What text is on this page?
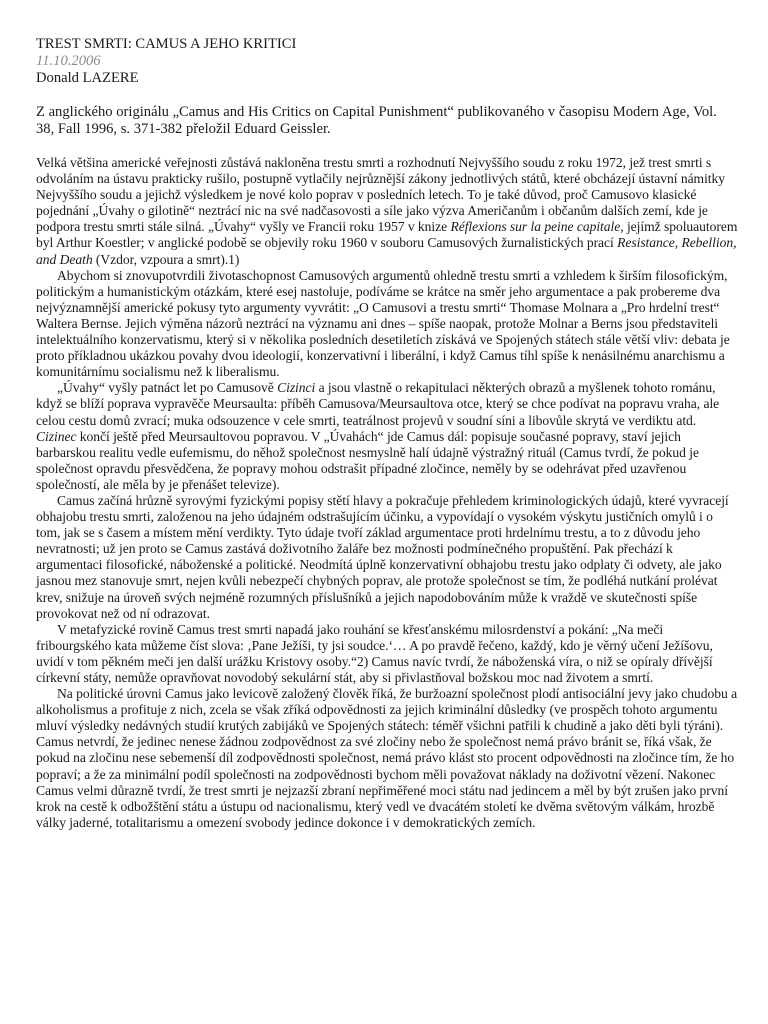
TREST SMRTI: CAMUS A JEHO KRITICI
11.10.2006
Donald LAZERE
Z anglického originálu „Camus and His Critics on Capital Punishment“ publikovaného v časopisu Modern Age, Vol. 38, Fall 1996, s. 371-382 přeložil Eduard Geissler.
Velká většina americké veřejnosti zůstává nakloněna trestu smrti a rozhodnutí Nejvyššího soudu z roku 1972, jež trest smrti s odvoláním na ústavu prakticky rušilo, postupně vytlačily nejrůznější zákony jednotlivých států, které obcházejí ústavní námitky Nejvyššího soudu a jejichž výsledkem je nové kolo poprav v posledních letech. To je také důvod, proč Camusovo klasické pojednání „Úvahy o gilotině“ neztrácí nic na své nadčasovosti a síle jako výzva Američanům i občanům dalších zemí, kde je podpora trestu smrti stále silná. „Úvahy“ vyšly ve Francii roku 1957 v knize Réflexions sur la peine capitale, jejímž spoluautorem byl Arthur Koestler; v anglické podobě se objevily roku 1960 v souboru Camusových žurnalistických prací Resistance, Rebellion, and Death (Vzdor, vzpoura a smrt).1)
Abychom si znovupotvrdili životaschopnost Camusových argumentů ohledně trestu smrti a vzhledem k širším filosofickým, politickým a humanistickým otázkám, které esej nastoluje, podíváme se krátce na směr jeho argumentace a pak probereme dva nejvýznamnější americké pokusy tyto argumenty vyvrátit: „O Camusovi a trestu smrti“ Thomase Molnara a „Pro hrdelní trest“ Waltera Bernse. Jejich výměna názorů neztrácí na významu ani dnes – spíše naopak, protože Molnar a Berns jsou představiteli intelektuálního konzervatismu, který si v několika posledních desetiletích získává ve Spojených státech stále větší vliv: debata je proto příkladnou ukázkou povahy dvou ideologií, konzervativní i liberální, i když Camus tíhl spíše k nenásilnému anarchismu a komunitárnímu socialismu než k liberalismu.
„Úvahy“ vyšly patnáct let po Camusově Cizinci a jsou vlastně o rekapitulaci některých obrazů a myšlenek tohoto románu, když se blíží poprava vypravěče Meursaulta: příběh Camusova/Meursaultova otce, který se chce podívat na popravu vraha, ale celou cestu domů zvrací; muka odsouzence v cele smrti, teatrálnost projevů v soudní síni a libovůle skrytá ve verdiktu atd. Cizinec končí ještě před Meursaultovou popravou. V „Úvahách“ jde Camus dál: popisuje současné popravy, staví jejich barbarskou realitu vedle eufemismu, do něhož společnost nesmyslně halí údajně výstražný rituál (Camus tvrdí, že pokud je společnost opravdu přesvědčena, že popravy mohou odstrašit případné zločince, neměly by se odehrávat před uzavřenou společností, ale měla by je přenášet televize).
Camus začíná hrůzně syrovými fyzickými popisy stětí hlavy a pokračuje přehledem kriminologických údajů, které vyvracejí obhajobu trestu smrti, založenou na jeho údajném odstrašujícím účinku, a vypovídají o vysokém výskytu justičních omylů i o tom, jak se s časem a místem mění verdikty. Tyto údaje tvoří základ argumentace proti hrdelnímu trestu, a to z důvodu jeho nevratnosti; už jen proto se Camus zastává doživotního žaláře bez možnosti podmínečného propuštění. Pak přechází k argumentaci filosofické, náboženské a politické. Neodmítá úplně konzervativní obhajobu trestu jako odplaty či odvety, ale jako jasnou mez stanovuje smrt, nejen kvůli nebezpečí chybných poprav, ale protože společnost se tím, že podléhá nutkání prolévat krev, snižuje na úroveň svých nejméně rozumných příslušníků a jejich napodobováním může k vraždě ve skutečnosti spíše provokovat než od ní odrazovat.
V metafyzické rovině Camus trest smrti napadá jako rouhání se křesťanskému milosrdenství a pokání: „Na meči fribourgského kata můžeme číst slova: ‚Pane Ježíši, ty jsi soudce.‘… A po pravdě řečeno, každý, kdo je věrný učení Ježíšovu, uvidí v tom pěkném meči jen další urážku Kristovy osoby.“2) Camus navíc tvrdí, že náboženská víra, o niž se opíraly dřívější církevní státy, nemůže opravňovat novodobý sekulární stát, aby si přivlastňoval božskou moc nad životem a smrtí.
Na politické úrovni Camus jako levicově založený člověk říká, že buržoazní společnost plodí antisociální jevy jako chudobu a alkoholismus a profituje z nich, zcela se však zříká odpovědnosti za jejich kriminální důsledky (ve prospěch tohoto argumentu mluví výsledky nedávných studií krutých zabijáků ve Spojených státech: téměř všichni patřili k chudině a jako děti byli týráni). Camus netvrdí, že jedinec nenese žádnou zodpovědnost za své zločiny nebo že společnost nemá právo bránit se, říká však, že pokud na zločinu nese sebemenší díl zodpovědnosti společnost, nemá právo klást sto procent odpovědnosti na zločince tím, že ho popraví; a že za minimální podíl společnosti na zodpovědnosti bychom měli považovat náklady na doživotní vězení. Nakonec Camus velmi důrazně tvrdí, že trest smrti je nejzazší zbraní nepřiměřené moci státu nad jedincem a měl by být zrušen jako první krok na cestě k odbožštění státu a ústupu od nacionalismu, který vedl ve dvacátém století ke dvěma světovým válkám, hrozbě války jaderné, totalitarismu a omezení svobody jedince dokonce i v demokratických zemích.
